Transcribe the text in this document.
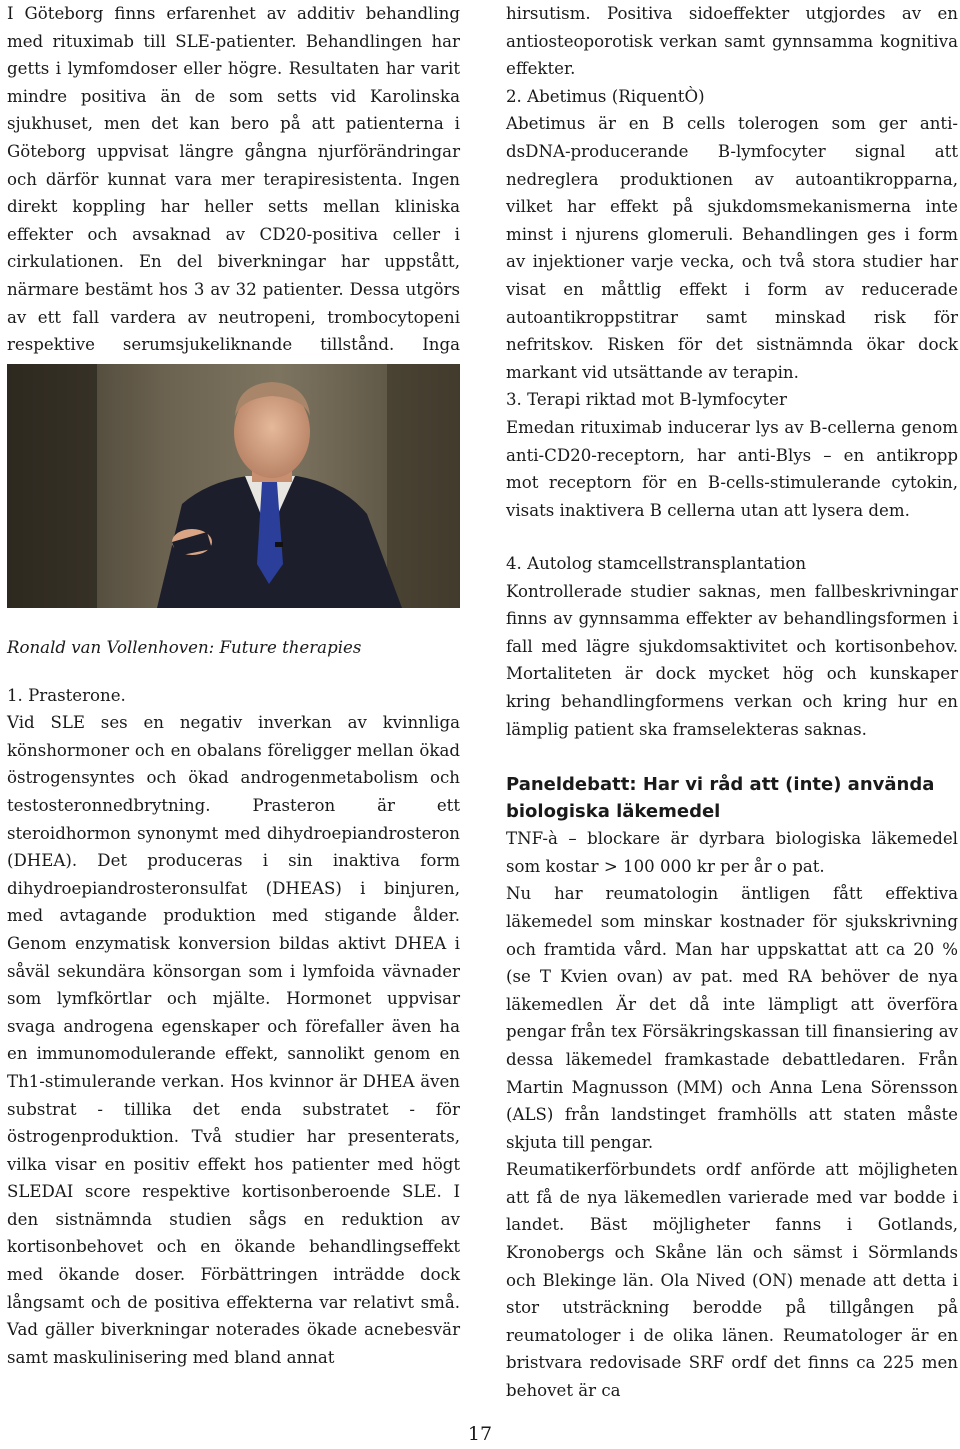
I Göteborg finns erfarenhet av additiv behandling med rituximab till SLE-patienter. Behandlingen har getts i lymfomdoser eller högre. Resultaten har varit mindre positiva än de som setts vid Karolinska sjukhuset, men det kan bero på att patienterna i Göteborg uppvisat längre gångna njurförändringar och därför kunnat vara mer terapiresistenta. Ingen direkt koppling har heller setts mellan kliniska effekter och avsaknad av CD20-positiva celler i cirkulationen. En del biverkningar har uppstått, närmare bestämt hos 3 av 32 patienter. Dessa utgörs av ett fall vardera av neutropeni, trombocytopeni respektive serumsjukeliknande tillstånd. Inga

Ronald van Vollenhoven: Future therapies

1. Prasterone.

Vid SLE ses en negativ inverkan av kvinnliga könshormoner och en obalans föreligger mellan ökad östrogensyntes och ökad androgenmetabolism och testosteronnedbrytning. Prasteron är ett steroidhormon synonymt med dihydroepiandrosteron (DHEA). Det produceras i sin inaktiva form dihydroepiandrosteronsulfat (DHEAS) i binjuren, med avtagande produktion med stigande ålder. Genom enzymatisk konversion bildas aktivt DHEA i såväl sekundära könsorgan som i lymfoida vävnader som lymfkörtlar och mjälte. Hormonet uppvisar svaga androgena egenskaper och förefaller även ha en immunomodulerande effekt, sannolikt genom en Th1-stimulerande verkan. Hos kvinnor är DHEA även substrat - tillika det enda substratet - för östrogenproduktion. Två studier har presenterats, vilka visar en positiv effekt hos patienter med högt SLEDAI score respektive kortisonberoende SLE. I den sistnämnda studien sågs en reduktion av kortisonbehovet och en ökande behandlingseffekt med ökande doser. Förbättringen inträdde dock långsamt och de positiva effekterna var relativt små. Vad gäller biverkningar noterades ökade acnebesvär samt maskulinisering med bland annat

hirsutism. Positiva sidoeffekter utgjordes av en antiosteoporotisk verkan samt gynnsamma kognitiva effekter.

2. Abetimus (RiquentÒ)

Abetimus är en B cells tolerogen som ger anti-dsDNA-producerande B-lymfocyter signal att nedreglera produktionen av autoantikropparna, vilket har effekt på sjukdomsmekanismerna inte minst i njurens glomeruli. Behandlingen ges i form av injektioner varje vecka, och två stora studier har visat en måttlig effekt i form av reducerade autoantikroppstitrar samt minskad risk för nefritskov. Risken för det sistnämnda ökar dock markant vid utsättande av terapin.

3. Terapi riktad mot B-lymfocyter

Emedan rituximab inducerar lys av B-cellerna genom anti-CD20-receptorn, har anti-Blys – en antikropp mot receptorn för en B-cells-stimulerande cytokin, visats inaktivera B cellerna utan att lysera dem.

4. Autolog stamcellstransplantation

Kontrollerade studier saknas, men fallbeskrivningar finns av gynnsamma effekter av behandlingsformen i fall med lägre sjukdomsaktivitet och kortisonbehov. Mortaliteten är dock mycket hög och kunskaper kring behandlingformens verkan och kring hur en lämplig patient ska framselekteras saknas.

Paneldebatt: Har vi råd att (inte) använda biologiska läkemedel

TNF-à – blockare är dyrbara biologiska läkemedel som kostar > 100 000 kr per år o pat.

Nu har reumatologin äntligen fått effektiva läkemedel som minskar kostnader för sjukskrivning och framtida vård. Man har uppskattat att ca 20 % (se T Kvien ovan) av pat. med RA behöver de nya läkemedlen Är det då inte lämpligt att överföra pengar från tex Försäkringskassan till finansiering av dessa läkemedel framkastade debattledaren. Från Martin Magnusson (MM) och Anna Lena Sörensson (ALS) från landstinget framhölls att staten måste skjuta till pengar.

Reumatikerförbundets ordf anförde att möjligheten att få de nya läkemedlen varierade med var bodde i landet. Bäst möjligheter fanns i Gotlands, Kronobergs och Skåne län och sämst i Sörmlands och Blekinge län. Ola Nived (ON) menade att detta i stor utsträckning berodde på tillgången på reumatologer i de olika länen. Reumatologer är en bristvara redovisade SRF ordf det finns ca 225 men behovet är ca

17
